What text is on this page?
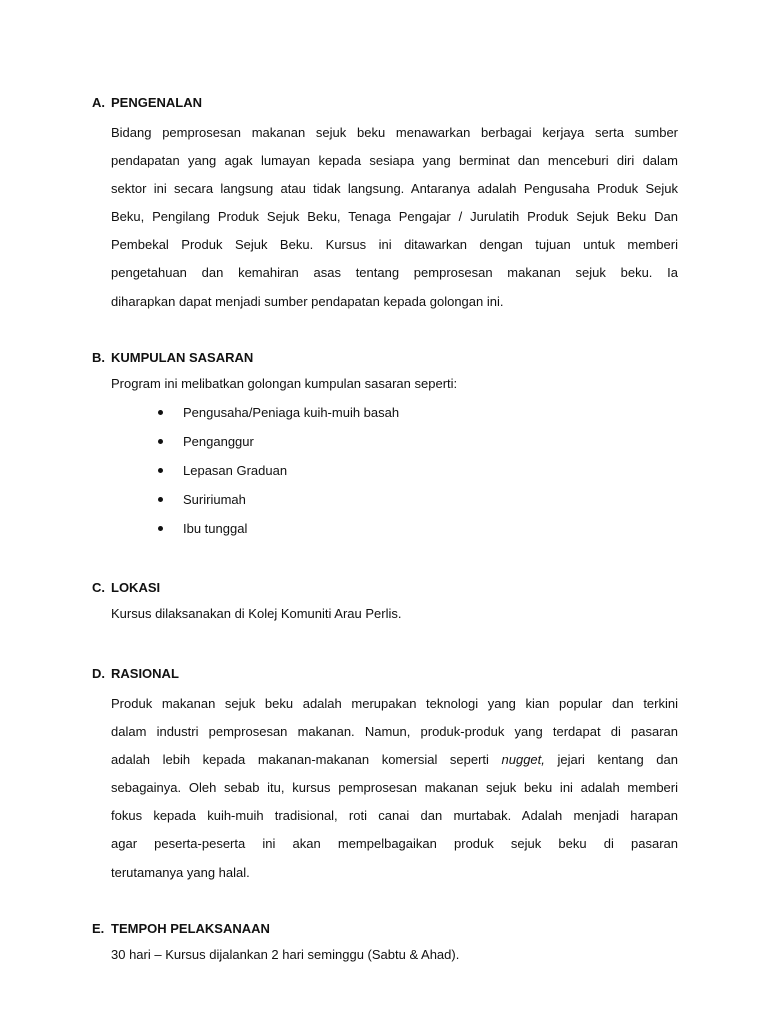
A. PENGENALAN
Bidang pemprosesan makanan sejuk beku menawarkan berbagai kerjaya serta sumber
pendapatan yang agak lumayan kepada sesiapa yang berminat dan menceburi diri dalam
sektor ini secara langsung atau tidak langsung. Antaranya adalah Pengusaha Produk Sejuk
Beku, Pengilang Produk Sejuk Beku, Tenaga Pengajar / Jurulatih Produk Sejuk Beku Dan
Pembekal Produk Sejuk Beku. Kursus ini ditawarkan dengan tujuan untuk memberi
pengetahuan dan kemahiran asas tentang pemprosesan makanan sejuk beku. Ia
diharapkan dapat menjadi sumber pendapatan kepada golongan ini.
B. KUMPULAN SASARAN
Program ini melibatkan golongan kumpulan sasaran seperti:
Pengusaha/Peniaga kuih-muih basah
Penganggur
Lepasan Graduan
Suririumah
Ibu tunggal
C. LOKASI
Kursus dilaksanakan di Kolej Komuniti Arau Perlis.
D. RASIONAL
Produk makanan sejuk beku adalah merupakan teknologi yang kian popular dan terkini
dalam industri pemprosesan makanan. Namun, produk-produk yang terdapat di pasaran
adalah lebih kepada makanan-makanan komersial seperti nugget, jejari kentang dan
sebagainya. Oleh sebab itu, kursus pemprosesan makanan sejuk beku ini adalah memberi
fokus kepada kuih-muih tradisional, roti canai dan murtabak. Adalah menjadi harapan
agar peserta-peserta ini akan mempelbagaikan produk sejuk beku di pasaran
terutamanya yang halal.
E. TEMPOH PELAKSANAAN
30 hari – Kursus dijalankan 2 hari seminggu (Sabtu & Ahad).
